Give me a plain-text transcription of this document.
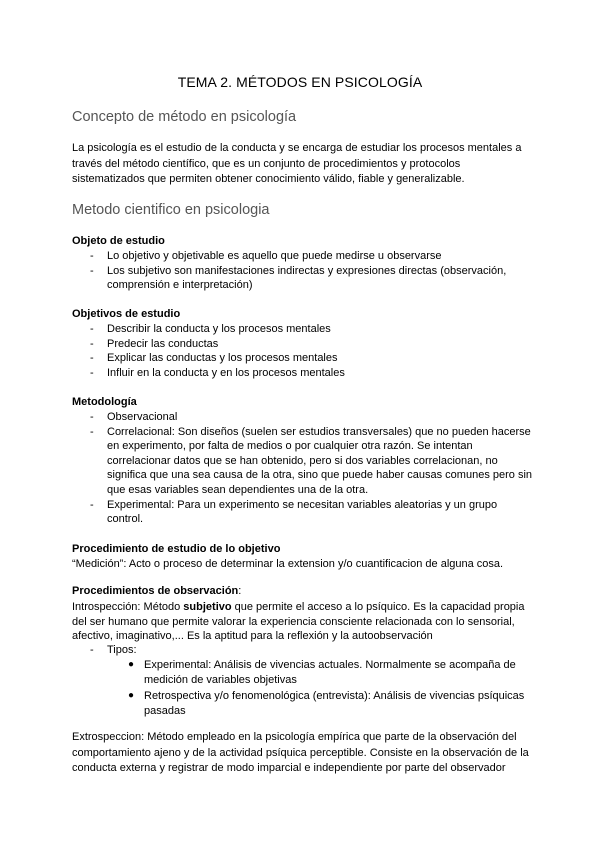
TEMA 2. MÉTODOS EN PSICOLOGÍA
Concepto de método en psicología
La psicología es el estudio de la conducta y se encarga de estudiar los procesos mentales a través del método científico, que es un conjunto de procedimientos y protocolos sistematizados que permiten obtener conocimiento válido, fiable y generalizable.
Metodo cientifico en psicologia
Objeto de estudio
- Lo objetivo y objetivable es aquello que puede medirse u observarse
- Los subjetivo son manifestaciones indirectas y expresiones directas (observación, comprensión e interpretación)
Objetivos de estudio
- Describir la conducta y los procesos mentales
- Predecir las conductas
- Explicar las conductas y los procesos mentales
- Influir en la conducta y en los procesos mentales
Metodología
- Observacional
- Correlacional: Son diseños (suelen ser estudios transversales) que no pueden hacerse en experimento, por falta de medios o por cualquier otra razón. Se intentan correlacionar datos que se han obtenido, pero si dos variables correlacionan, no significa que una sea causa de la otra, sino que puede haber causas comunes pero sin que esas variables sean dependientes una de la otra.
- Experimental: Para un experimento se necesitan variables aleatorias y un grupo control.
Procedimiento de estudio de lo objetivo
“Medición”: Acto o proceso de determinar la extension y/o cuantificacion de alguna cosa.
Procedimientos de observación:
Introspección: Método subjetivo que permite el acceso a lo psíquico. Es la capacidad propia del ser humano que permite valorar la experiencia consciente relacionada con lo sensorial, afectivo, imaginativo,... Es la aptitud para la reflexión y la autoobservación
- Tipos:
● Experimental: Análisis de vivencias actuales. Normalmente se acompaña de medición de variables objetivas
● Retrospectiva y/o fenomenológica (entrevista): Análisis de vivencias psíquicas pasadas
Extrospeccion: Método empleado en la psicología empírica que parte de la observación del comportamiento ajeno y de la actividad psíquica perceptible. Consiste en la observación de la conducta externa y registrar de modo imparcial e independiente por parte del observador
